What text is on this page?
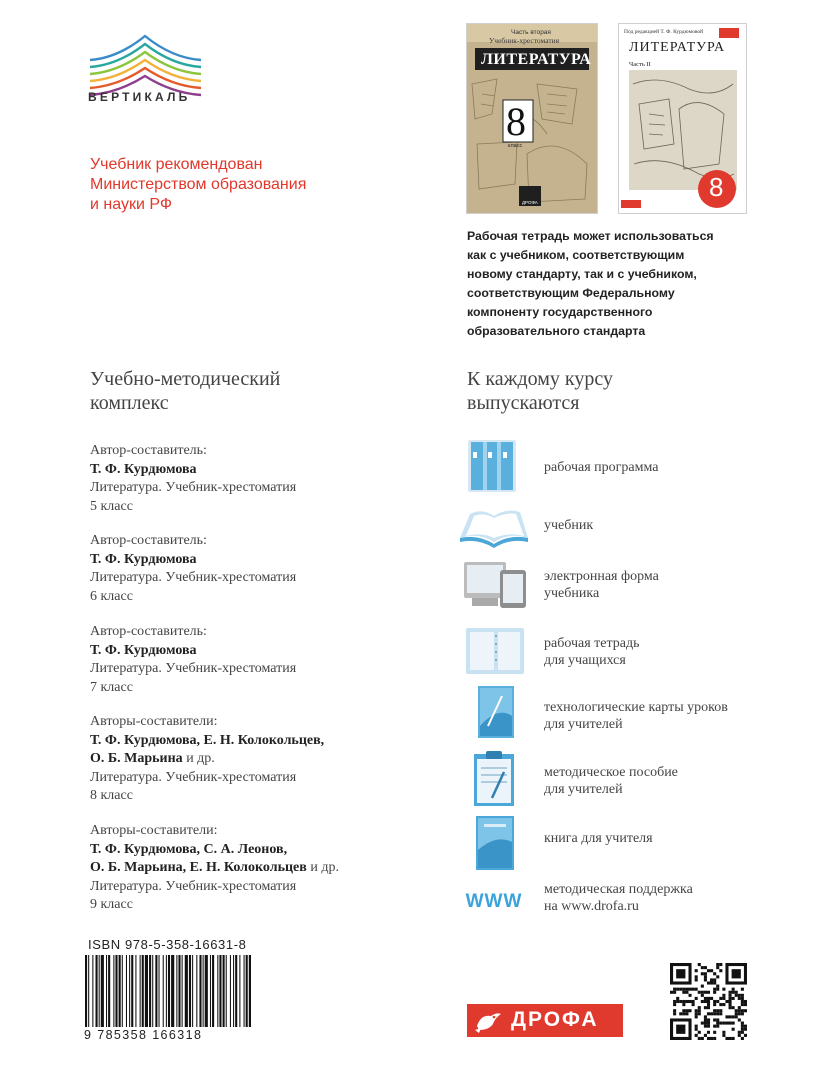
ВЕРТИКАЛЬ
Учебник рекомендован
Министерством образования
и науки РФ
Часть вторая
Учебник-хрестоматия
ЛИТЕРАТУРА
8
класс
ДРОФА
Под редакцией Т. Ф. Курдюмовой
ЛИТЕРАТУРА
Часть II
8
Рабочая тетрадь может использоваться
как с учебником, соответствующим
новому стандарту, так и с учебником,
соответствующим Федеральному
компоненту государственного
образовательного стандарта
Учебно-методический
комплекс
Автор-составитель:
Т. Ф. Курдюмова
Литература. Учебник-хрестоматия
5 класс
Автор-составитель:
Т. Ф. Курдюмова
Литература. Учебник-хрестоматия
6 класс
Автор-составитель:
Т. Ф. Курдюмова
Литература. Учебник-хрестоматия
7 класс
Авторы-составители:
Т. Ф. Курдюмова, Е. Н. Колокольцев,
О. Б. Марьина и др.
Литература. Учебник-хрестоматия
8 класс
Авторы-составители:
Т. Ф. Курдюмова, С. А. Леонов,
О. Б. Марьина, Е. Н. Колокольцев и др.
Литература. Учебник-хрестоматия
9 класс
К каждому курсу
выпускаются
рабочая программа
учебник
электронная форма
учебника
рабочая тетрадь
для учащихся
технологические карты уроков
для учителей
методическое пособие
для учителей
книга для учителя
WWW
методическая поддержка
на www.drofa.ru
ISBN 978-5-358-16631-8
9 785358 166318
ДРОФА
